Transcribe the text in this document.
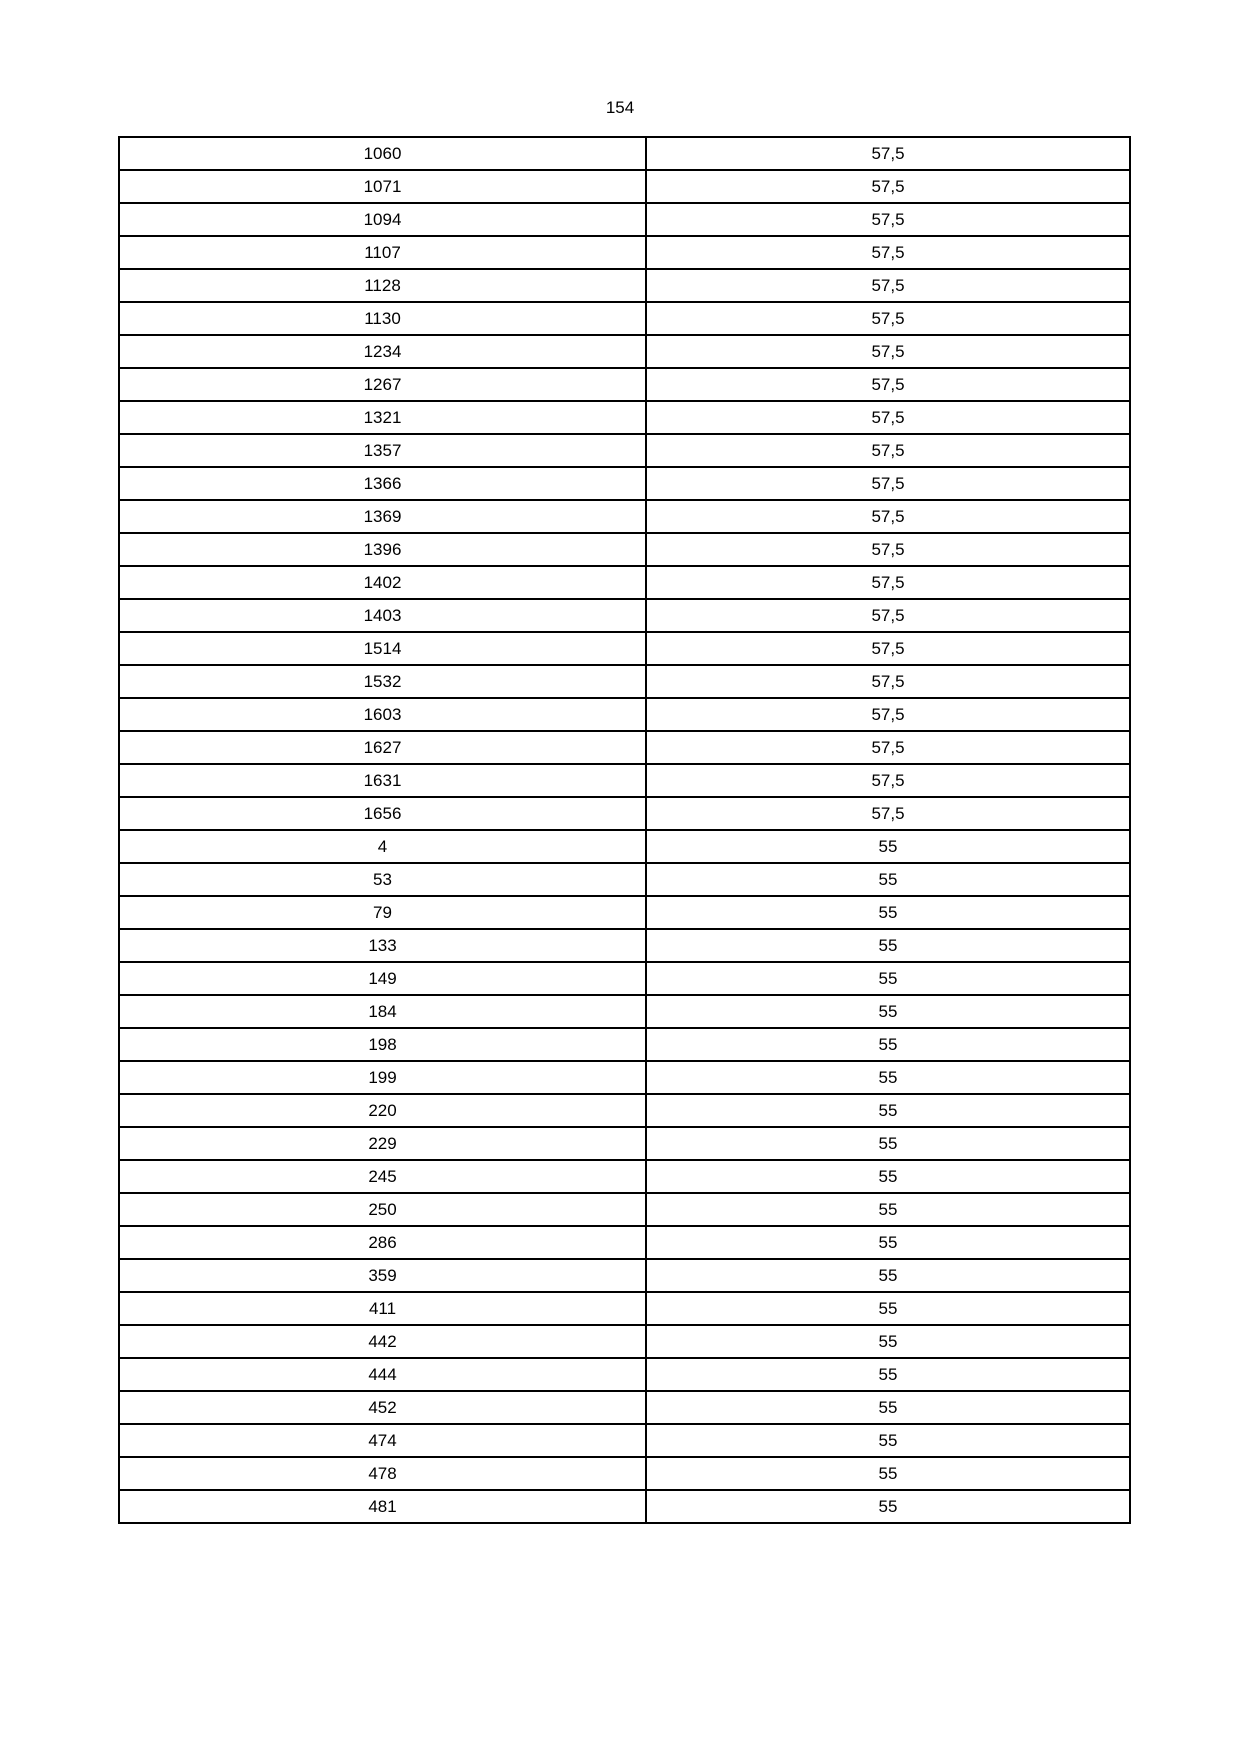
154
1060	57,5
1071	57,5
1094	57,5
1107	57,5
1128	57,5
1130	57,5
1234	57,5
1267	57,5
1321	57,5
1357	57,5
1366	57,5
1369	57,5
1396	57,5
1402	57,5
1403	57,5
1514	57,5
1532	57,5
1603	57,5
1627	57,5
1631	57,5
1656	57,5
4	55
53	55
79	55
133	55
149	55
184	55
198	55
199	55
220	55
229	55
245	55
250	55
286	55
359	55
411	55
442	55
444	55
452	55
474	55
478	55
481	55
